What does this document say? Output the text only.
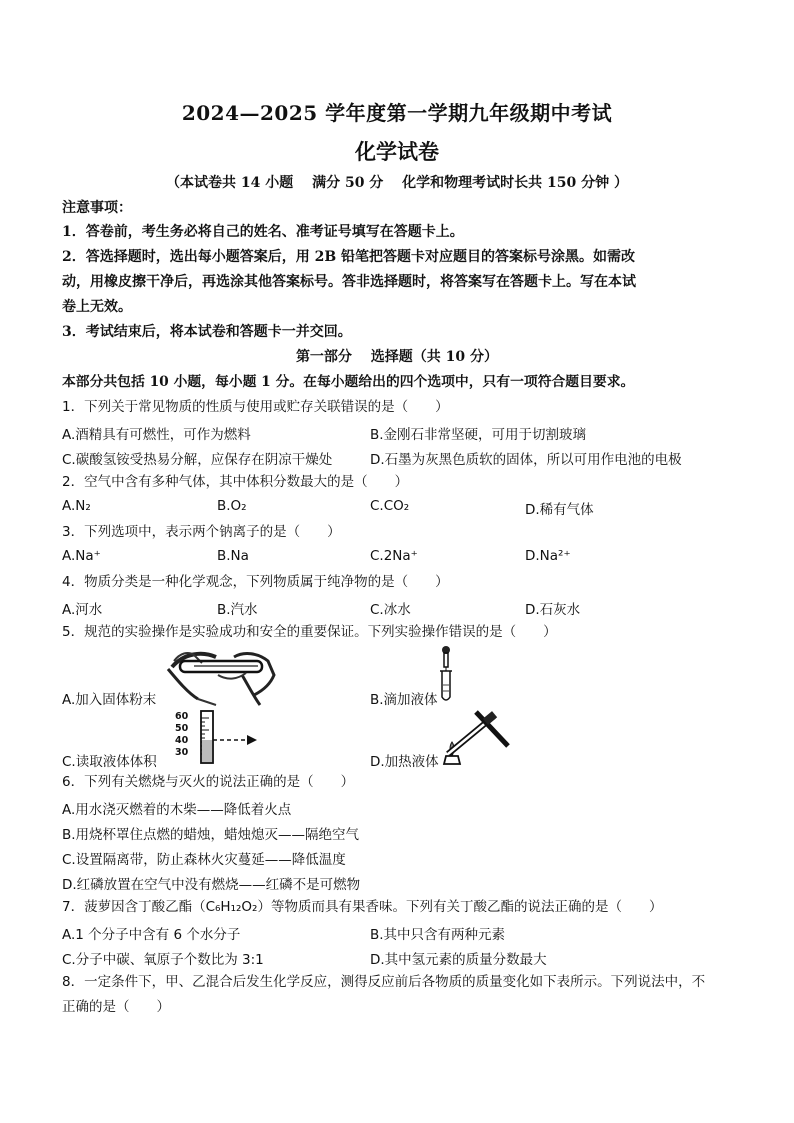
2024—2025 学年度第一学期九年级期中考试
化学试卷
（本试卷共 14 小题　 满分 50 分　 化学和物理考试时长共 150 分钟 ）
注意事项：
1．答卷前，考生务必将自己的姓名、准考证号填写在答题卡上。
2．答选择题时，选出每小题答案后，用 2B 铅笔把答题卡对应题目的答案标号涂黑。如需改
动，用橡皮擦干净后，再选涂其他答案标号。答非选择题时，将答案写在答题卡上。写在本试
卷上无效。
3．考试结束后，将本试卷和答题卡一并交回。
第一部分　 选择题（共 10 分）
本部分共包括 10 小题，每小题 1 分。在每小题给出的四个选项中，只有一项符合题目要求。
1．下列关于常见物质的性质与使用或贮存关联错误的是（　　）
A.酒精具有可燃性，可作为燃料	B.金刚石非常坚硬，可用于切割玻璃
C.碳酸氢铵受热易分解，应保存在阴凉干燥处	D.石墨为灰黑色质软的固体，所以可用作电池的电极
2．空气中含有多种气体，其中体积分数最大的是（　　）
A.N₂	B.O₂	C.CO₂	D.稀有气体
3．下列选项中，表示两个钠离子的是（　　）
A.Na⁺	B.Na	C.2Na⁺	D.Na²⁺
4．物质分类是一种化学观念，下列物质属于纯净物的是（　　）
A.河水	B.汽水	C.冰水	D.石灰水
5．规范的实验操作是实验成功和安全的重要保证。下列实验操作错误的是（　　）
A.加入固体粉末	B.滴加液体
60
50
40
30
C.读取液体体积	D.加热液体
6．下列有关燃烧与灭火的说法正确的是（　　）
A.用水浇灭燃着的木柴——降低着火点
B.用烧杯罩住点燃的蜡烛，蜡烛熄灭——隔绝空气
C.设置隔离带，防止森林火灾蔓延——降低温度
D.红磷放置在空气中没有燃烧——红磷不是可燃物
7．菠萝因含丁酸乙酯（C₆H₁₂O₂）等物质而具有果香味。下列有关丁酸乙酯的说法正确的是（　　）
A.1 个分子中含有 6 个水分子	B.其中只含有两种元素
C.分子中碳、氧原子个数比为 3:1	D.其中氢元素的质量分数最大
8．一定条件下，甲、乙混合后发生化学反应，测得反应前后各物质的质量变化如下表所示。下列说法中，不
正确的是（　　）
